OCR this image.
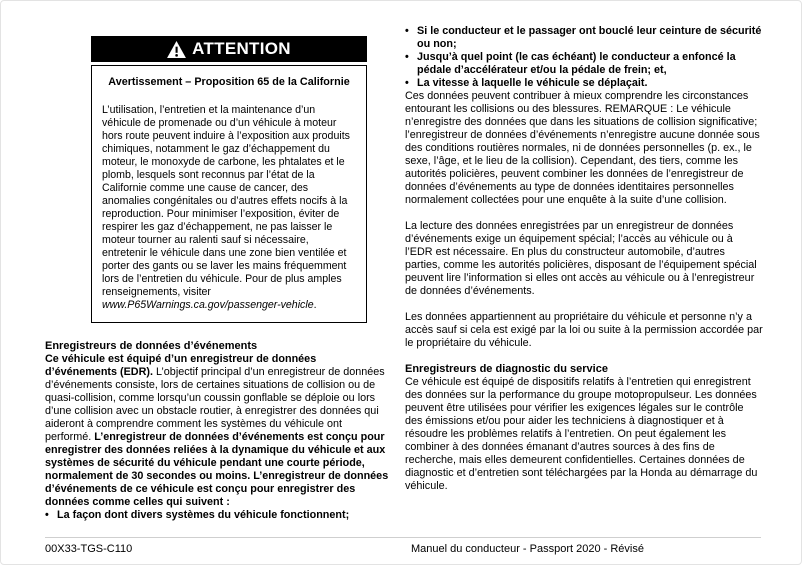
ATTENTION
Avertissement – Proposition 65 de la Californie
L’utilisation, l’entretien et la maintenance d’un véhicule de promenade ou d’un véhicule à moteur hors route peuvent induire à l’exposition aux produits chimiques, notamment le gaz d’échappement du moteur, le monoxyde de carbone, les phtalates et le plomb, lesquels sont reconnus par l’état de la Californie comme une cause de cancer, des anomalies congénitales ou d’autres effets nocifs à la reproduction. Pour minimiser l’exposition, éviter de respirer les gaz d’échappement, ne pas laisser le moteur tourner au ralenti sauf si nécessaire, entretenir le véhicule dans une zone bien ventilée et porter des gants ou se laver les mains fréquemment lors de l’entretien du véhicule. Pour de plus amples renseignements, visiter www.P65Warnings.ca.gov/passenger-vehicle.
Enregistreurs de données d’événements
Ce véhicule est équipé d’un enregistreur de données d’événements (EDR). L’objectif principal d’un enregistreur de données d’événements consiste, lors de certaines situations de collision ou de quasi-collision, comme lorsqu’un coussin gonflable se déploie ou lors d’une collision avec un obstacle routier, à enregistrer des données qui aideront à comprendre comment les systèmes du véhicule ont performé. L’enregistreur de données d’événements est conçu pour enregistrer des données reliées à la dynamique du véhicule et aux systèmes de sécurité du véhicule pendant une courte période, normalement de 30 secondes ou moins. L’enregistreur de données d’événements de ce véhicule est conçu pour enregistrer des données comme celles qui suivent :
• La façon dont divers systèmes du véhicule fonctionnent;
• Si le conducteur et le passager ont bouclé leur ceinture de sécurité ou non;
• Jusqu’à quel point (le cas échéant) le conducteur a enfoncé la pédale d’accélérateur et/ou la pédale de frein; et,
• La vitesse à laquelle le véhicule se déplaçait.
Ces données peuvent contribuer à mieux comprendre les circonstances entourant les collisions ou des blessures. REMARQUE : Le véhicule n’enregistre des données que dans les situations de collision significative; l’enregistreur de données d’événements n’enregistre aucune donnée sous des conditions routières normales, ni de données personnelles (p. ex., le sexe, l’âge, et le lieu de la collision). Cependant, des tiers, comme les autorités policières, peuvent combiner les données de l’enregistreur de données d’événements au type de données identitaires personnelles normalement collectées pour une enquête à la suite d’une collision.
La lecture des données enregistrées par un enregistreur de données d’événements exige un équipement spécial; l’accès au véhicule ou à l’EDR est nécessaire. En plus du constructeur automobile, d’autres parties, comme les autorités policières, disposant de l’équipement spécial peuvent lire l’information si elles ont accès au véhicule ou à l’enregistreur de données d’événements.
Les données appartiennent au propriétaire du véhicule et personne n’y a accès sauf si cela est exigé par la loi ou suite à la permission accordée par le propriétaire du véhicule.
Enregistreurs de diagnostic du service
Ce véhicule est équipé de dispositifs relatifs à l’entretien qui enregistrent des données sur la performance du groupe motopropulseur. Les données peuvent être utilisées pour vérifier les exigences légales sur le contrôle des émissions et/ou pour aider les techniciens à diagnostiquer et à résoudre les problèmes relatifs à l’entretien. On peut également les combiner à des données émanant d’autres sources à des fins de recherche, mais elles demeurent confidentielles. Certaines données de diagnostic et d’entretien sont téléchargées par la Honda au démarrage du véhicule.
00X33-TGS-C110	Manuel du conducteur - Passport 2020 - Révisé
